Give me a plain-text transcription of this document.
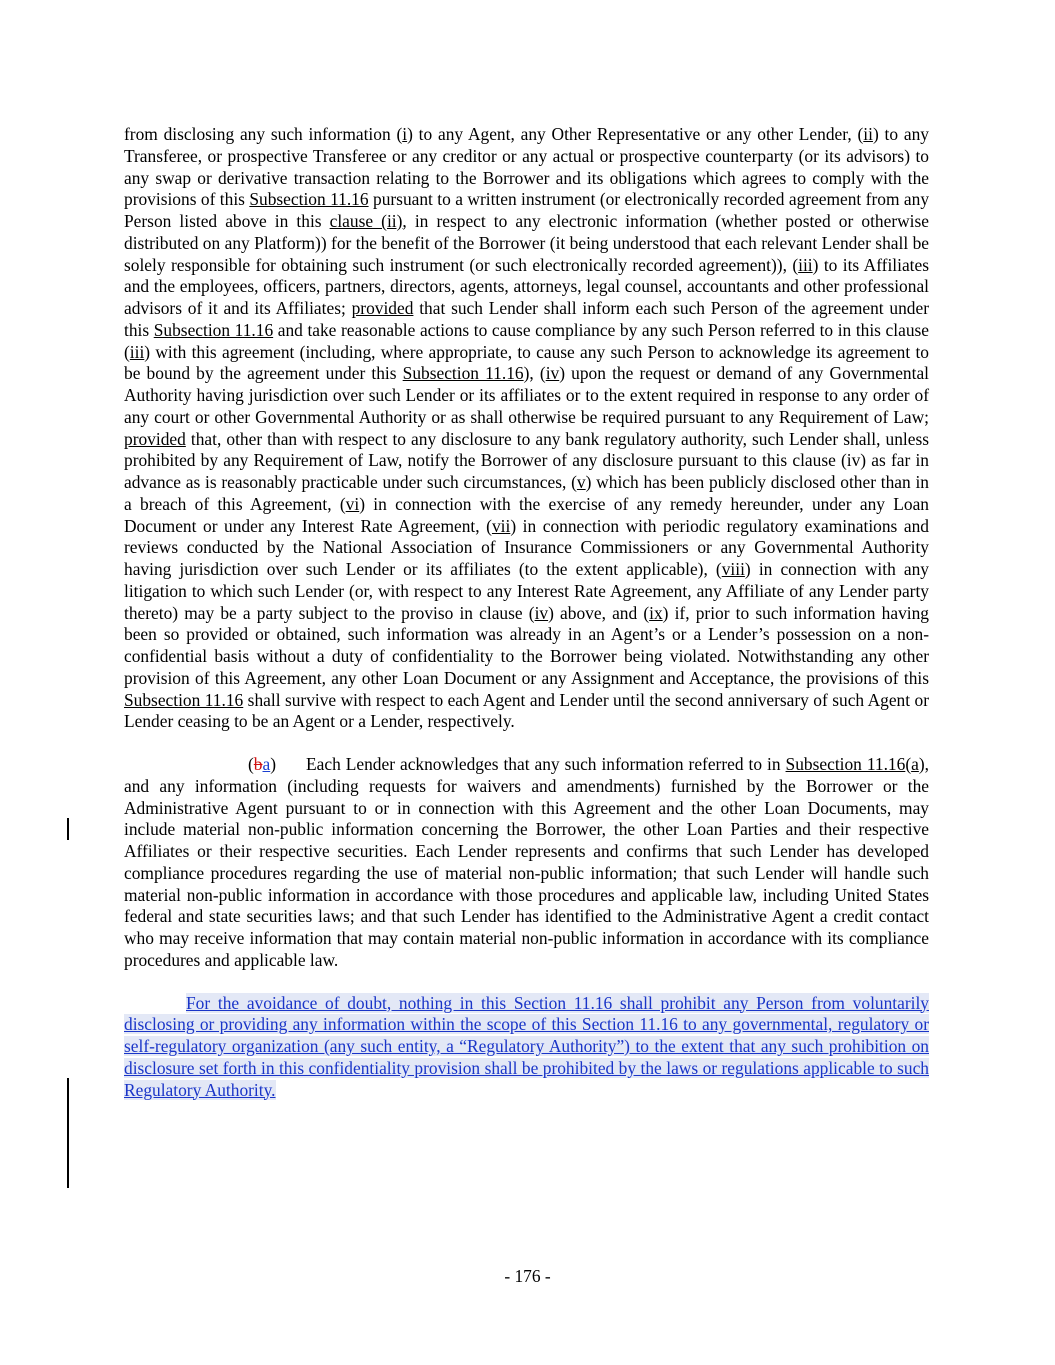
from disclosing any such information (i) to any Agent, any Other Representative or any other Lender, (ii) to any Transferee, or prospective Transferee or any creditor or any actual or prospective counterparty (or its advisors) to any swap or derivative transaction relating to the Borrower and its obligations which agrees to comply with the provisions of this Subsection 11.16 pursuant to a written instrument (or electronically recorded agreement from any Person listed above in this clause (ii), in respect to any electronic information (whether posted or otherwise distributed on any Platform)) for the benefit of the Borrower (it being understood that each relevant Lender shall be solely responsible for obtaining such instrument (or such electronically recorded agreement)), (iii) to its Affiliates and the employees, officers, partners, directors, agents, attorneys, legal counsel, accountants and other professional advisors of it and its Affiliates; provided that such Lender shall inform each such Person of the agreement under this Subsection 11.16 and take reasonable actions to cause compliance by any such Person referred to in this clause (iii) with this agreement (including, where appropriate, to cause any such Person to acknowledge its agreement to be bound by the agreement under this Subsection 11.16), (iv) upon the request or demand of any Governmental Authority having jurisdiction over such Lender or its affiliates or to the extent required in response to any order of any court or other Governmental Authority or as shall otherwise be required pursuant to any Requirement of Law; provided that, other than with respect to any disclosure to any bank regulatory authority, such Lender shall, unless prohibited by any Requirement of Law, notify the Borrower of any disclosure pursuant to this clause (iv) as far in advance as is reasonably practicable under such circumstances, (v) which has been publicly disclosed other than in a breach of this Agreement, (vi) in connection with the exercise of any remedy hereunder, under any Loan Document or under any Interest Rate Agreement, (vii) in connection with periodic regulatory examinations and reviews conducted by the National Association of Insurance Commissioners or any Governmental Authority having jurisdiction over such Lender or its affiliates (to the extent applicable), (viii) in connection with any litigation to which such Lender (or, with respect to any Interest Rate Agreement, any Affiliate of any Lender party thereto) may be a party subject to the proviso in clause (iv) above, and (ix) if, prior to such information having been so provided or obtained, such information was already in an Agent’s or a Lender’s possession on a non-confidential basis without a duty of confidentiality to the Borrower being violated. Notwithstanding any other provision of this Agreement, any other Loan Document or any Assignment and Acceptance, the provisions of this Subsection 11.16 shall survive with respect to each Agent and Lender until the second anniversary of such Agent or Lender ceasing to be an Agent or a Lender, respectively.

(ba) Each Lender acknowledges that any such information referred to in Subsection 11.16(a), and any information (including requests for waivers and amendments) furnished by the Borrower or the Administrative Agent pursuant to or in connection with this Agreement and the other Loan Documents, may include material non-public information concerning the Borrower, the other Loan Parties and their respective Affiliates or their respective securities. Each Lender represents and confirms that such Lender has developed compliance procedures regarding the use of material non-public information; that such Lender will handle such material non-public information in accordance with those procedures and applicable law, including United States federal and state securities laws; and that such Lender has identified to the Administrative Agent a credit contact who may receive information that may contain material non-public information in accordance with its compliance procedures and applicable law.

For the avoidance of doubt, nothing in this Section 11.16 shall prohibit any Person from voluntarily disclosing or providing any information within the scope of this Section 11.16 to any governmental, regulatory or self-regulatory organization (any such entity, a “Regulatory Authority”) to the extent that any such prohibition on disclosure set forth in this confidentiality provision shall be prohibited by the laws or regulations applicable to such Regulatory Authority.

- 176 -
